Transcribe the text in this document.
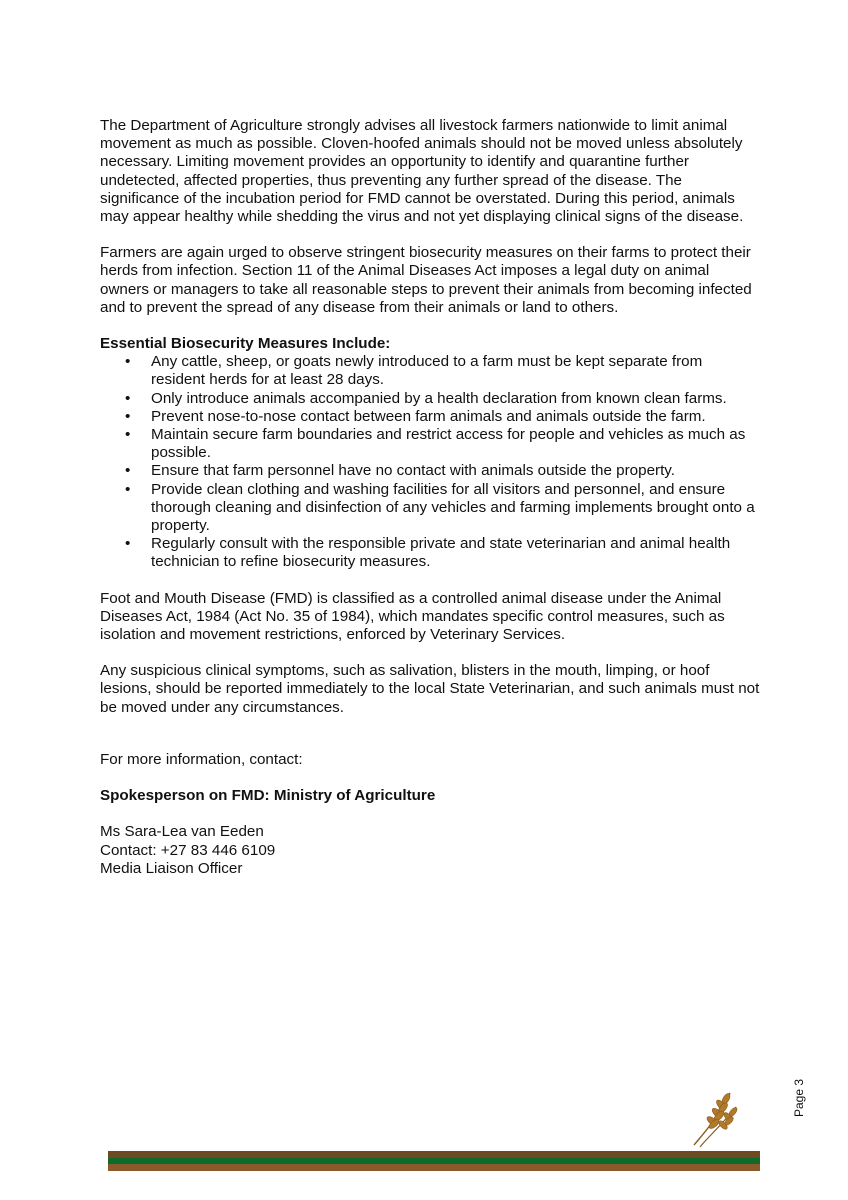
The Department of Agriculture strongly advises all livestock farmers nationwide to limit animal movement as much as possible. Cloven-hoofed animals should not be moved unless absolutely necessary. Limiting movement provides an opportunity to identify and quarantine further undetected, affected properties, thus preventing any further spread of the disease. The significance of the incubation period for FMD cannot be overstated. During this period, animals may appear healthy while shedding the virus and not yet displaying clinical signs of the disease.

Farmers are again urged to observe stringent biosecurity measures on their farms to protect their herds from infection. Section 11 of the Animal Diseases Act imposes a legal duty on animal owners or managers to take all reasonable steps to prevent their animals from becoming infected and to prevent the spread of any disease from their animals or land to others.

Essential Biosecurity Measures Include:

• Any cattle, sheep, or goats newly introduced to a farm must be kept separate from resident herds for at least 28 days.
• Only introduce animals accompanied by a health declaration from known clean farms.
• Prevent nose-to-nose contact between farm animals and animals outside the farm.
• Maintain secure farm boundaries and restrict access for people and vehicles as much as possible.
• Ensure that farm personnel have no contact with animals outside the property.
• Provide clean clothing and washing facilities for all visitors and personnel, and ensure thorough cleaning and disinfection of any vehicles and farming implements brought onto a property.
• Regularly consult with the responsible private and state veterinarian and animal health technician to refine biosecurity measures.

Foot and Mouth Disease (FMD) is classified as a controlled animal disease under the Animal Diseases Act, 1984 (Act No. 35 of 1984), which mandates specific control measures, such as isolation and movement restrictions, enforced by Veterinary Services.

Any suspicious clinical symptoms, such as salivation, blisters in the mouth, limping, or hoof lesions, should be reported immediately to the local State Veterinarian, and such animals must not be moved under any circumstances.

For more information, contact:

Spokesperson on FMD: Ministry of Agriculture

Ms Sara-Lea van Eeden
Contact: +27 83 446 6109
Media Liaison Officer
Page 3
